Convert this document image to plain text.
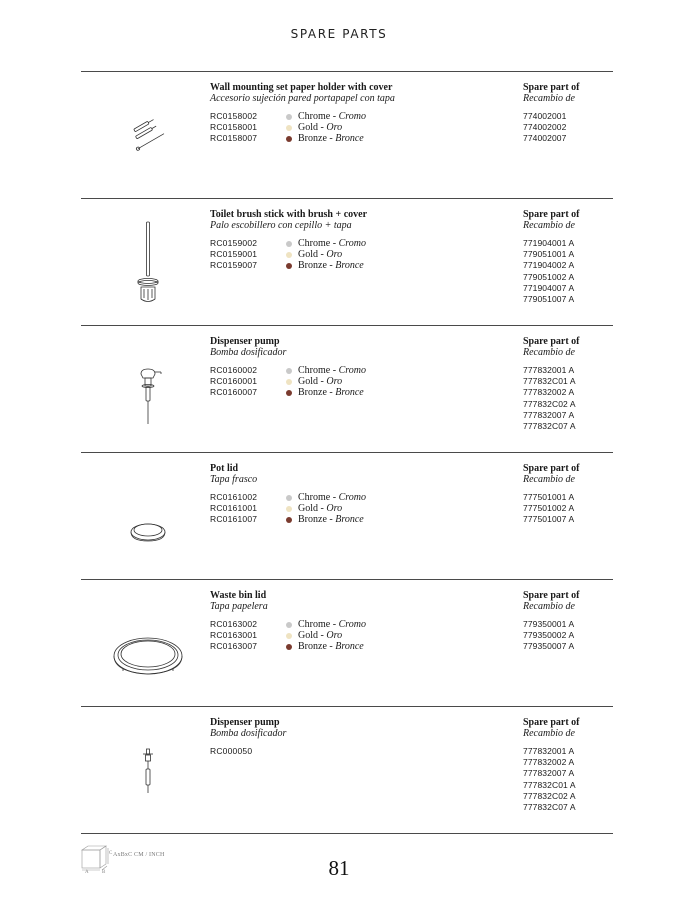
SPARE PARTS
Wall mounting set paper holder with cover
Accesorio sujeción pared portapapel con tapa
RC0158002
RC0158001
RC0158007
Chrome - Cromo
Gold - Oro
Bronze - Bronce
Spare part of
Recambio de
774002001
774002002
774002007
Toilet brush stick with brush + cover
Palo escobillero con cepillo + tapa
RC0159002
RC0159001
RC0159007
Chrome - Cromo
Gold - Oro
Bronze - Bronce
Spare part of
Recambio de
771904001 A
779051001 A
771904002 A
779051002 A
771904007 A
779051007 A
Dispenser pump
Bomba dosificador
RC0160002
RC0160001
RC0160007
Chrome - Cromo
Gold - Oro
Bronze - Bronce
Spare part of
Recambio de
777832001 A
777832C01 A
777832002 A
777832C02 A
777832007 A
777832C07 A
Pot lid
Tapa frasco
RC0161002
RC0161001
RC0161007
Chrome - Cromo
Gold - Oro
Bronze - Bronce
Spare part of
Recambio de
777501001 A
777501002 A
777501007 A
Waste bin lid
Tapa papelera
RC0163002
RC0163001
RC0163007
Chrome - Cromo
Gold - Oro
Bronze - Bronce
Spare part of
Recambio de
779350001 A
779350002 A
779350007 A
Dispenser pump
Bomba dosificador
RC000050
Spare part of
Recambio de
777832001 A
777832002 A
777832007 A
777832C01 A
777832C02 A
777832C07 A
A	B
C AxBxC CM / INCH
81
